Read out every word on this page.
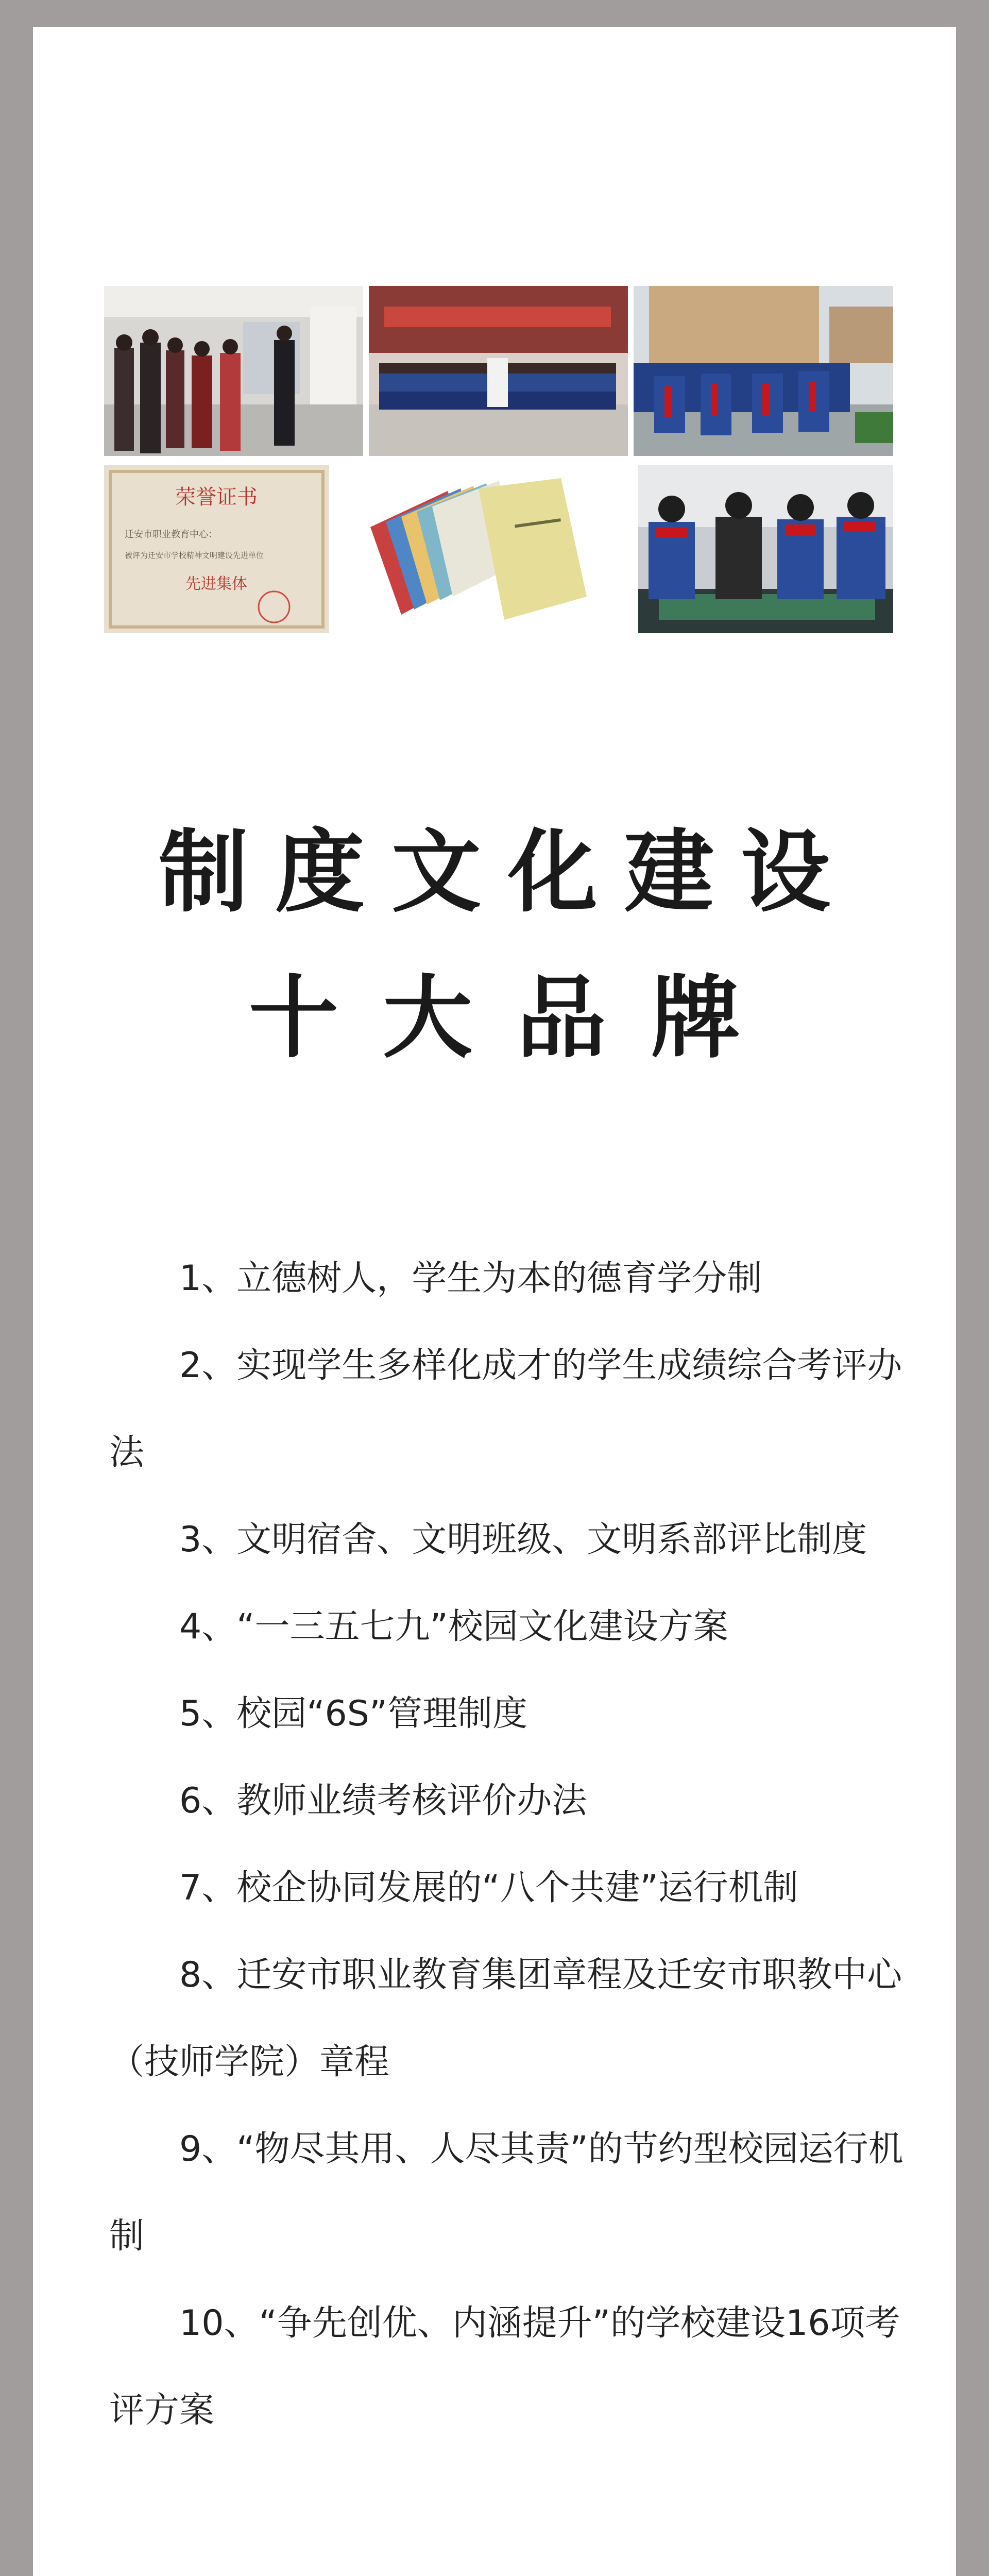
荣誉证书
迁安市职业教育中心：
被评为迁安市学校精神文明建设先进单位
先进集体
制度文化建设
十大品牌

1、立德树人，学生为本的德育学分制

2、实现学生多样化成才的学生成绩综合考评办法

3、文明宿舍、文明班级、文明系部评比制度

4、“一三五七九”校园文化建设方案

5、校园“6S”管理制度

6、教师业绩考核评价办法

7、校企协同发展的“八个共建”运行机制

8、迁安市职业教育集团章程及迁安市职教中心（技师学院）章程

9、“物尽其用、人尽其责”的节约型校园运行机制

10、“争先创优、内涵提升”的学校建设16项考评方案
